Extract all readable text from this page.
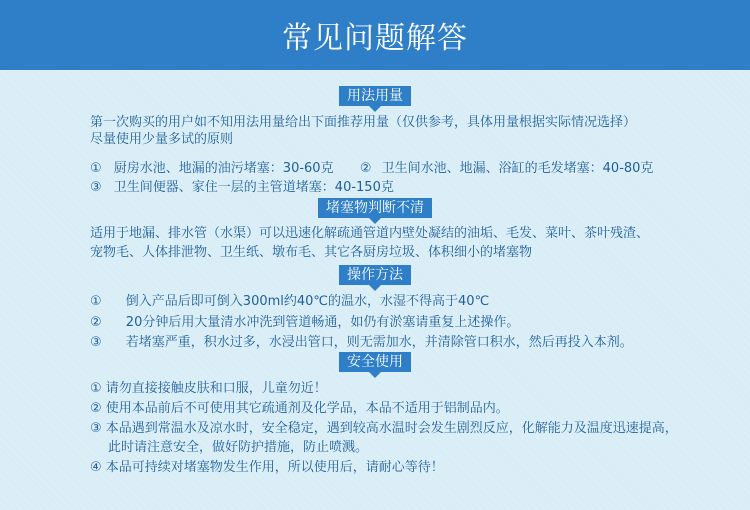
常见问题解答
用法用量
第一次购买的用户如不知用法用量给出下面推荐用量（仅供参考，具体用量根据实际情况选择）
尽量使用少量多试的原则
① 厨房水池、地漏的油污堵塞：30-60克 ② 卫生间水池、地漏、浴缸的毛发堵塞：40-80克
③ 卫生间便器、家住一层的主管道堵塞：40-150克
堵塞物判断不清
适用于地漏、排水管（水渠）可以迅速化解疏通管道内壁处凝结的油垢、毛发、菜叶、茶叶残渣、
宠物毛、人体排泄物、卫生纸、墩布毛、其它各厨房垃圾、体积细小的堵塞物
操作方法
① 倒入产品后即可倒入300ml约40℃的温水，水湿不得高于40℃
② 20分钟后用大量清水冲洗到管道畅通，如仍有淤塞请重复上述操作。
③ 若堵塞严重，积水过多，水浸出管口，则无需加水，并清除管口积水，然后再投入本剂。
安全使用
① 请勿直接接触皮肤和口服，儿童勿近！
② 使用本品前后不可使用其它疏通剂及化学品，本品不适用于铝制品内。
③ 本品遇到常温水及凉水时，安全稳定，遇到较高水温时会发生剧烈反应，化解能力及温度迅速提高，
此时请注意安全，做好防护措施，防止喷溅。
④ 本品可持续对堵塞物发生作用，所以使用后，请耐心等待！
